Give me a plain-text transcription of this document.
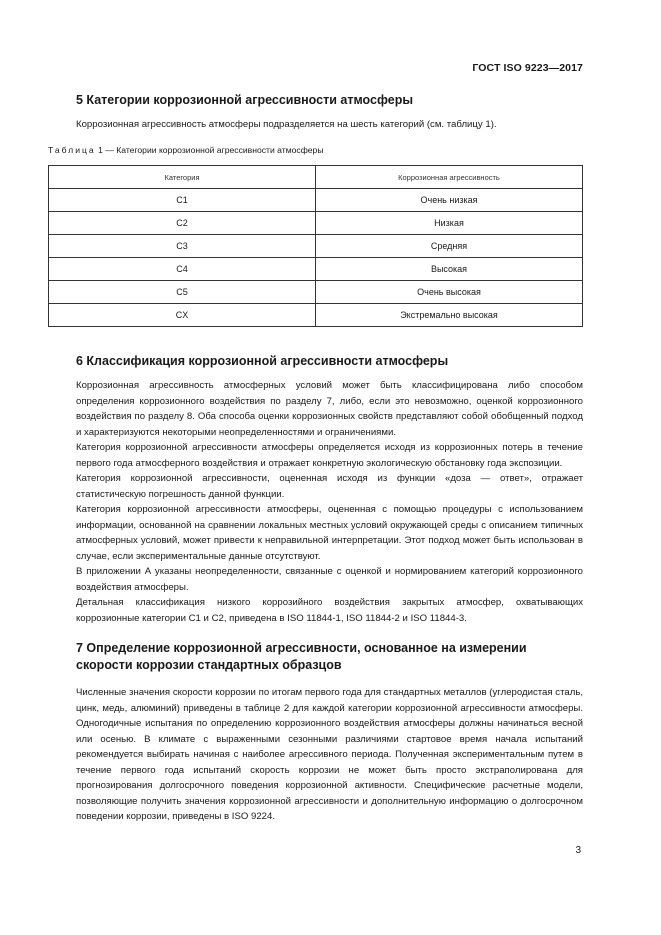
ГОСТ ISO 9223—2017
5 Категории коррозионной агрессивности атмосферы

Коррозионная агрессивность атмосферы подразделяется на шесть категорий (см. таблицу 1).

Таблица 1 — Категории коррозионной агрессивности атмосферы
Категория	Коррозионная агрессивность
C1	Очень низкая
C2	Низкая
C3	Средняя
C4	Высокая
C5	Очень высокая
CX	Экстремально высокая
6 Классификация коррозионной агрессивности атмосферы

Коррозионная агрессивность атмосферных условий может быть классифицирована либо способом определения коррозионного воздействия по разделу 7, либо, если это невозможно, оценкой коррозионного воздействия по разделу 8. Оба способа оценки коррозионных свойств представляют собой обобщенный подход и характеризуются некоторыми неопределенностями и ограничениями.

Категория коррозионной агрессивности атмосферы определяется исходя из коррозионных потерь в течение первого года атмосферного воздействия и отражает конкретную экологическую обстановку года экспозиции.

Категория коррозионной агрессивности, оцененная исходя из функции «доза — ответ», отражает статистическую погрешность данной функции.

Категория коррозионной агрессивности атмосферы, оцененная с помощью процедуры с использованием информации, основанной на сравнении локальных местных условий окружающей среды с описанием типичных атмосферных условий, может привести к неправильной интерпретации. Этот подход может быть использован в случае, если экспериментальные данные отсутствуют.

В приложении А указаны неопределенности, связанные с оценкой и нормированием категорий коррозионного воздействия атмосферы.

Детальная классификация низкого коррозийного воздействия закрытых атмосфер, охватывающих коррозионные категории С1 и С2, приведена в ISO 11844-1, ISO 11844-2 и ISO 11844-3.

7 Определение коррозионной агрессивности, основанное на измерении
скорости коррозии стандартных образцов

Численные значения скорости коррозии по итогам первого года для стандартных металлов (углеродистая сталь, цинк, медь, алюминий) приведены в таблице 2 для каждой категории коррозионной агрессивности атмосферы. Одногодичные испытания по определению коррозионного воздействия атмосферы должны начинаться весной или осенью. В климате с выраженными сезонными различиями стартовое время начала испытаний рекомендуется выбирать начиная с наиболее агрессивного периода. Полученная экспериментальным путем в течение первого года испытаний скорость коррозии не может быть просто экстраполирована для прогнозирования долгосрочного поведения коррозионной активности. Специфические расчетные модели, позволяющие получить значения коррозионной агрессивности и дополнительную информацию о долгосрочном поведении коррозии, приведены в ISO 9224.

3
